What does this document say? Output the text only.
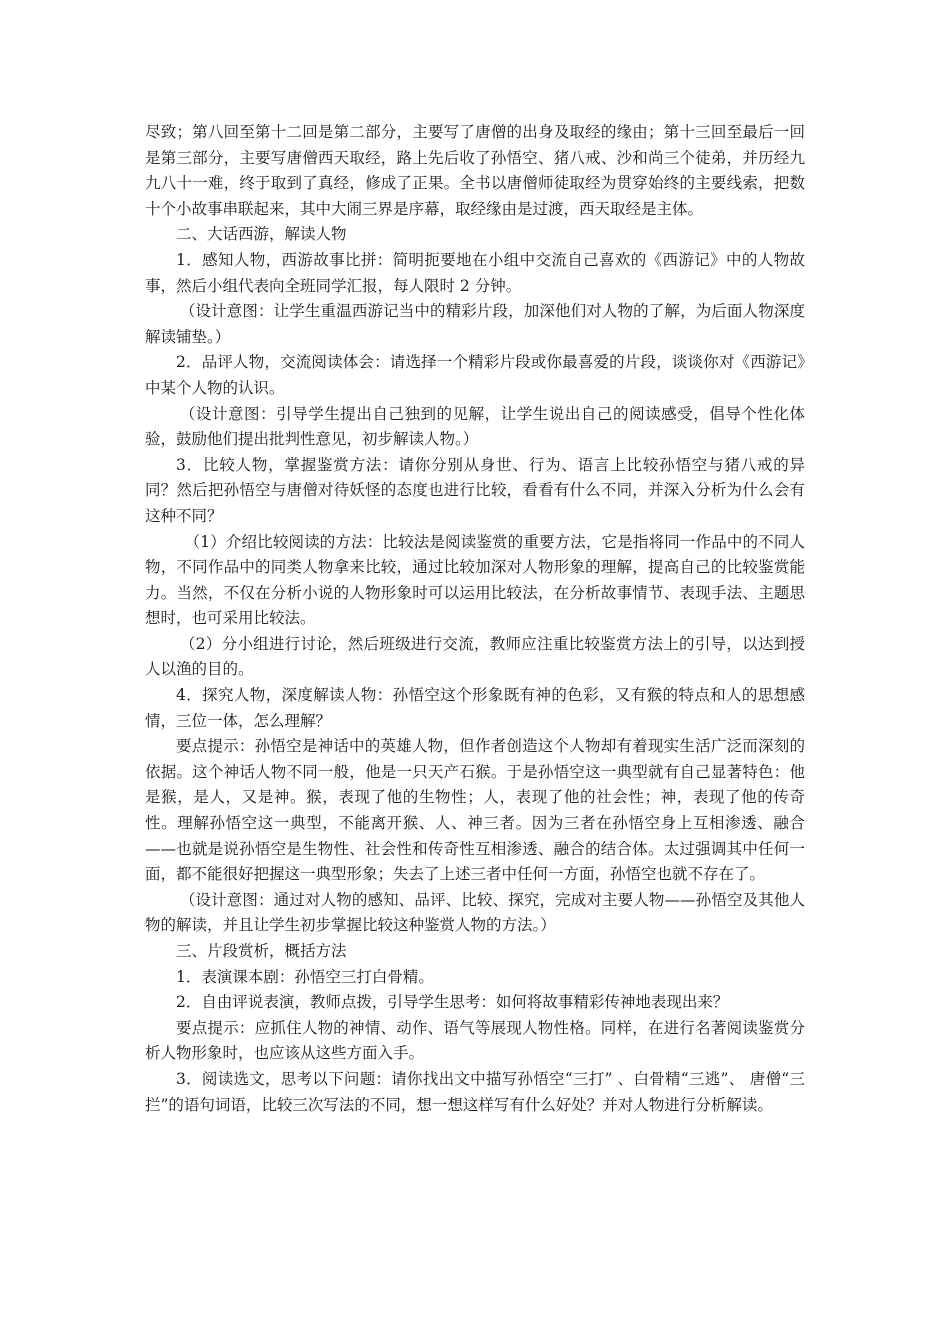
尽致；第八回至第十二回是第二部分，主要写了唐僧的出身及取经的缘由；第十三回至最后一回是第三部分，主要写唐僧西天取经，路上先后收了孙悟空、猪八戒、沙和尚三个徒弟，并历经九九八十一难，终于取到了真经，修成了正果。全书以唐僧师徒取经为贯穿始终的主要线索，把数十个小故事串联起来，其中大闹三界是序幕，取经缘由是过渡，西天取经是主体。

二、大话西游，解读人物

1．感知人物，西游故事比拼：简明扼要地在小组中交流自己喜欢的《西游记》中的人物故事，然后小组代表向全班同学汇报，每人限时 2 分钟。

（设计意图：让学生重温西游记当中的精彩片段，加深他们对人物的了解，为后面人物深度解读铺垫。）

2．品评人物，交流阅读体会：请选择一个精彩片段或你最喜爱的片段，谈谈你对《西游记》中某个人物的认识。

（设计意图：引导学生提出自己独到的见解，让学生说出自己的阅读感受，倡导个性化体验，鼓励他们提出批判性意见，初步解读人物。）

3．比较人物，掌握鉴赏方法：请你分别从身世、行为、语言上比较孙悟空与猪八戒的异同？然后把孙悟空与唐僧对待妖怪的态度也进行比较，看看有什么不同，并深入分析为什么会有这种不同？

（1）介绍比较阅读的方法：比较法是阅读鉴赏的重要方法，它是指将同一作品中的不同人物，不同作品中的同类人物拿来比较，通过比较加深对人物形象的理解，提高自己的比较鉴赏能力。当然，不仅在分析小说的人物形象时可以运用比较法，在分析故事情节、表现手法、主题思想时，也可采用比较法。

（2）分小组进行讨论，然后班级进行交流，教师应注重比较鉴赏方法上的引导，以达到授人以渔的目的。

4．探究人物，深度解读人物：孙悟空这个形象既有神的色彩，又有猴的特点和人的思想感情，三位一体，怎么理解？

要点提示：孙悟空是神话中的英雄人物，但作者创造这个人物却有着现实生活广泛而深刻的依据。这个神话人物不同一般，他是一只天产石猴。于是孙悟空这一典型就有自己显著特色：他是猴，是人，又是神。猴，表现了他的生物性；人，表现了他的社会性；神，表现了他的传奇性。理解孙悟空这一典型，不能离开猴、人、神三者。因为三者在孙悟空身上互相渗透、融合——也就是说孙悟空是生物性、社会性和传奇性互相渗透、融合的结合体。太过强调其中任何一面，都不能很好把握这一典型形象；失去了上述三者中任何一方面，孙悟空也就不存在了。

（设计意图：通过对人物的感知、品评、比较、探究，完成对主要人物——孙悟空及其他人物的解读，并且让学生初步掌握比较这种鉴赏人物的方法。）

三、片段赏析，概括方法

1．表演课本剧：孙悟空三打白骨精。

2．自由评说表演，教师点拨，引导学生思考：如何将故事精彩传神地表现出来？

要点提示：应抓住人物的神情、动作、语气等展现人物性格。同样，在进行名著阅读鉴赏分析人物形象时，也应该从这些方面入手。

3．阅读选文，思考以下问题：请你找出文中描写孙悟空“三打” 、白骨精“三逃”、 唐僧“三拦”的语句词语，比较三次写法的不同，想一想这样写有什么好处？并对人物进行分析解读。
